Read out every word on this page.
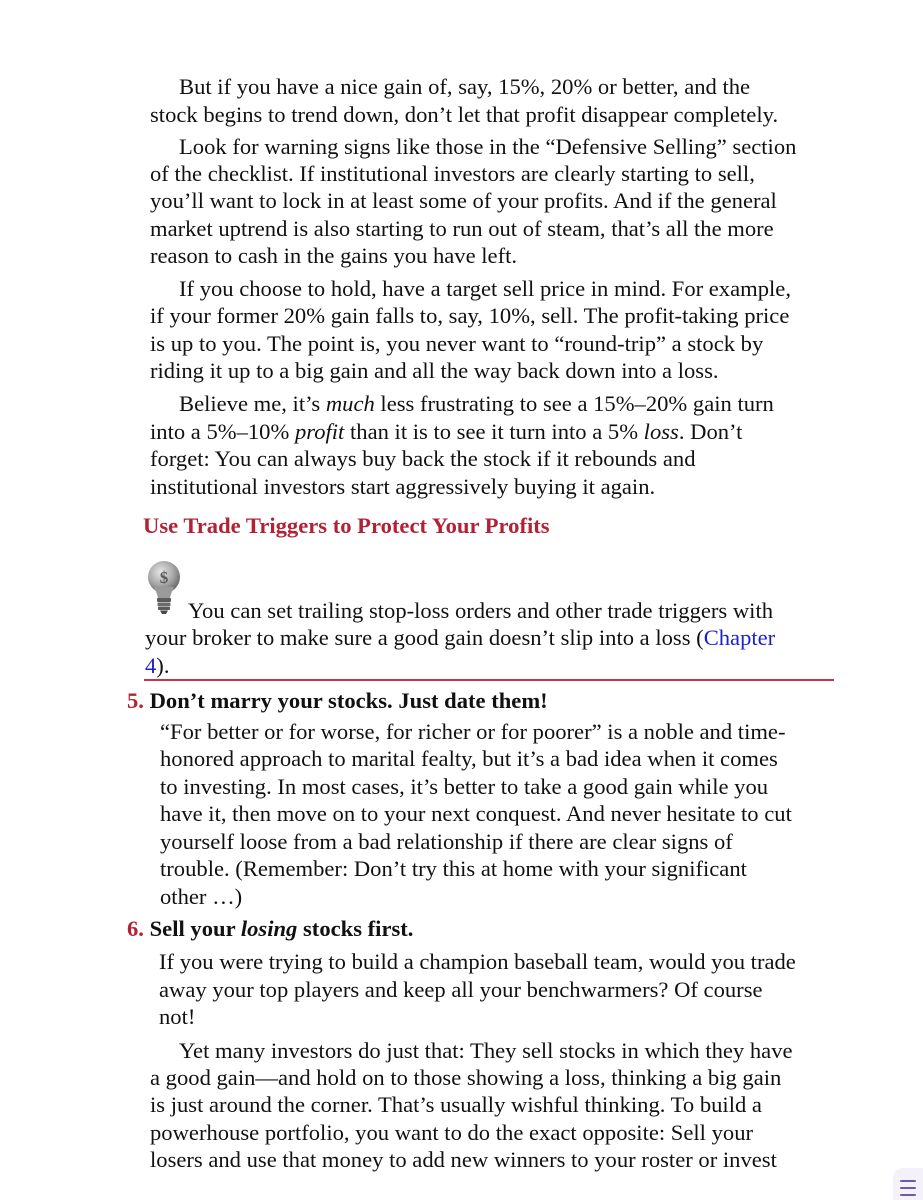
But if you have a nice gain of, say, 15%, 20% or better, and the

stock begins to trend down, don’t let that profit disappear completely.

Look for warning signs like those in the “Defensive Selling” section

of the checklist. If institutional investors are clearly starting to sell,

you’ll want to lock in at least some of your profits. And if the general

market uptrend is also starting to run out of steam, that’s all the more

reason to cash in the gains you have left.

If you choose to hold, have a target sell price in mind. For example,

if your former 20% gain falls to, say, 10%, sell. The profit-taking price

is up to you. The point is, you never want to “round-trip” a stock by

riding it up to a big gain and all the way back down into a loss.

Believe me, it’s much less frustrating to see a 15%–20% gain turn

into a 5%–10% profit than it is to see it turn into a 5% loss. Don’t

forget: You can always buy back the stock if it rebounds and

institutional investors start aggressively buying it again.

Use Trade Triggers to Protect Your Profits

$

You can set trailing stop-loss orders and other trade triggers with

your broker to make sure a good gain doesn’t slip into a loss (Chapter

4).

5. Don’t marry your stocks. Just date them!

“For better or for worse, for richer or for poorer” is a noble and time-

honored approach to marital fealty, but it’s a bad idea when it comes

to investing. In most cases, it’s better to take a good gain while you

have it, then move on to your next conquest. And never hesitate to cut

yourself loose from a bad relationship if there are clear signs of

trouble. (Remember: Don’t try this at home with your significant

other …)

6. Sell your losing stocks first.

If you were trying to build a champion baseball team, would you trade

away your top players and keep all your benchwarmers? Of course

not!

Yet many investors do just that: They sell stocks in which they have

a good gain—and hold on to those showing a loss, thinking a big gain

is just around the corner. That’s usually wishful thinking. To build a

powerhouse portfolio, you want to do the exact opposite: Sell your

losers and use that money to add new winners to your roster or invest
